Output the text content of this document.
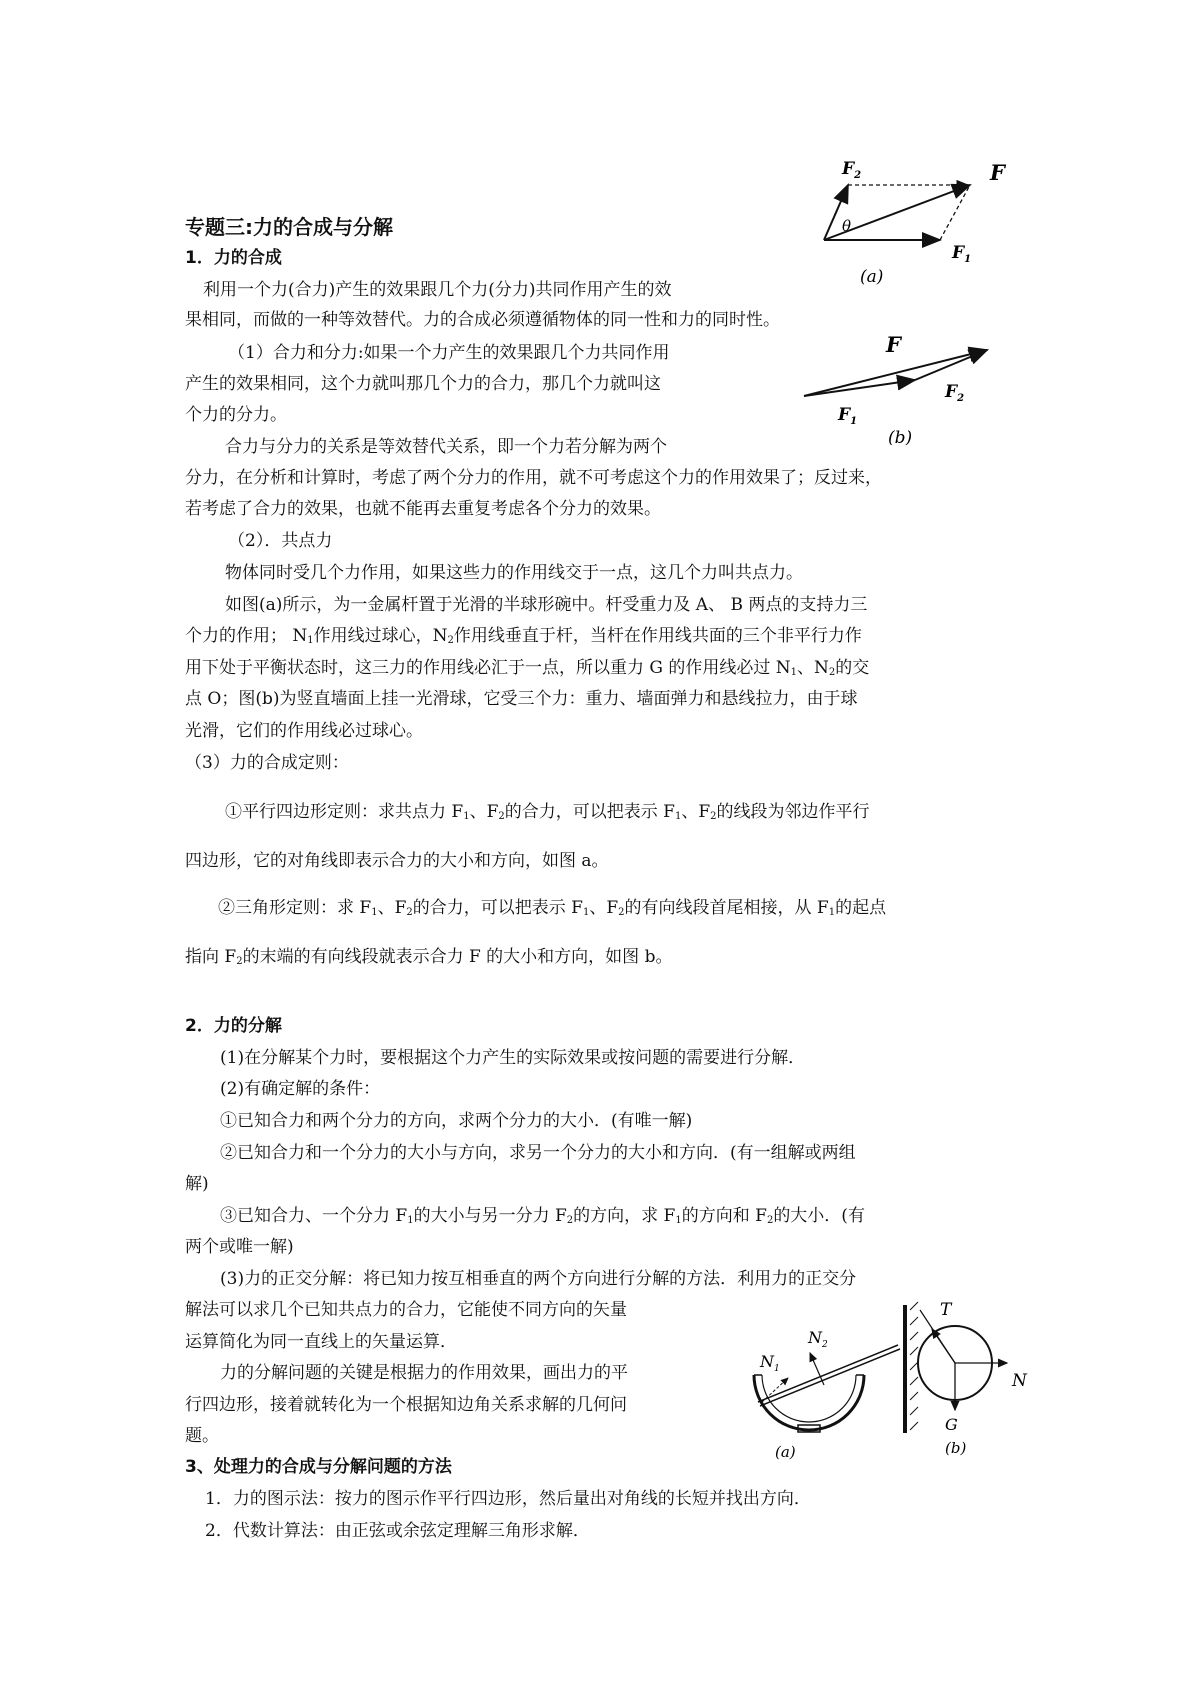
专题三:力的合成与分解
1．力的合成
利用一个力(合力)产生的效果跟几个力(分力)共同作用产生的效
果相同，而做的一种等效替代。力的合成必须遵循物体的同一性和力的同时性。
（1）合力和分力:如果一个力产生的效果跟几个力共同作用
产生的效果相同，这个力就叫那几个力的合力，那几个力就叫这
个力的分力。
合力与分力的关系是等效替代关系，即一个力若分解为两个
分力，在分析和计算时，考虑了两个分力的作用，就不可考虑这个力的作用效果了；反过来，
若考虑了合力的效果，也就不能再去重复考虑各个分力的效果。
（2）．共点力
物体同时受几个力作用，如果这些力的作用线交于一点，这几个力叫共点力。
如图(a)所示，为一金属杆置于光滑的半球形碗中。杆受重力及 A、 B 两点的支持力三
个力的作用； $N_1$作用线过球心，$N_2$作用线垂直于杆，当杆在作用线共面的三个非平行力作
用下处于平衡状态时，这三力的作用线必汇于一点，所以重力 G 的作用线必过 $N_1$、$N_2$的交
点 O；图(b)为竖直墙面上挂一光滑球，它受三个力：重力、墙面弹力和悬线拉力，由于球
光滑，它们的作用线必过球心。
（3）力的合成定则：
①平行四边形定则：求共点力 $F_1$、$F_2$的合力，可以把表示 $F_1$、$F_2$的线段为邻边作平行
四边形，它的对角线即表示合力的大小和方向，如图 a。
②三角形定则：求 $F_1$、$F_2$的合力，可以把表示 $F_1$、$F_2$的有向线段首尾相接，从 $F_1$的起点
指向 $F_2$的末端的有向线段就表示合力 F 的大小和方向，如图 b。
2．力的分解
(1)在分解某个力时，要根据这个力产生的实际效果或按问题的需要进行分解．
(2)有确定解的条件：
①已知合力和两个分力的方向，求两个分力的大小．(有唯一解)
②已知合力和一个分力的大小与方向，求另一个分力的大小和方向．(有一组解或两组
解)
③已知合力、一个分力 $F_1$的大小与另一分力 $F_2$的方向，求 $F_1$的方向和 $F_2$的大小．(有
两个或唯一解)
(3)力的正交分解：将已知力按互相垂直的两个方向进行分解的方法．利用力的正交分
解法可以求几个已知共点力的合力，它能使不同方向的矢量
运算简化为同一直线上的矢量运算．
力的分解问题的关键是根据力的作用效果，画出力的平
行四边形，接着就转化为一个根据知边角关系求解的几何问
题。
3、处理力的合成与分解问题的方法
1．力的图示法：按力的图示作平行四边形，然后量出对角线的长短并找出方向．
2．代数计算法：由正弦或余弦定理解三角形求解．
$F_2$	F
$F_1$
θ
(a)
F
$F_2$
$F_1$
(b)
$N_1$
$N_2$
(a)
T
N
G
(b)
